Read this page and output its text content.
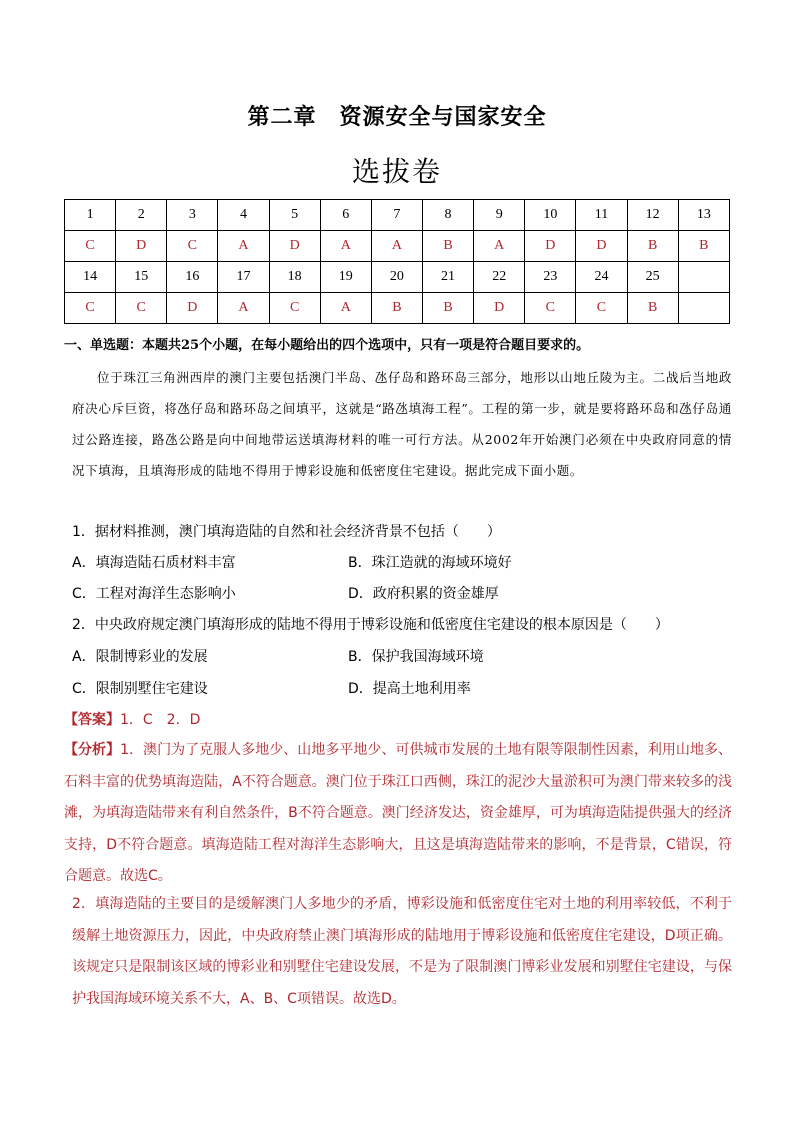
第二章　资源安全与国家安全
选拔卷
1	2	3	4	5	6	7	8	9	10	11	12	13
C	D	C	A	D	A	A	B	A	D	D	B	B
14	15	16	17	18	19	20	21	22	23	24	25	
C	C	D	A	C	A	B	B	D	C	C	B	
一、单选题：本题共25个小题，在每小题给出的四个选项中，只有一项是符合题目要求的。
位于珠江三角洲西岸的澳门主要包括澳门半岛、氹仔岛和路环岛三部分，地形以山地丘陵为主。二战后当地政府决心斥巨资，将氹仔岛和路环岛之间填平，这就是“路氹填海工程”。工程的第一步，就是要将路环岛和氹仔岛通过公路连接，路氹公路是向中间地带运送填海材料的唯一可行方法。从2002年开始澳门必须在中央政府同意的情况下填海，且填海形成的陆地不得用于博彩设施和低密度住宅建设。据此完成下面小题。
1．据材料推测，澳门填海造陆的自然和社会经济背景不包括（　　）
A．填海造陆石质材料丰富	B．珠江造就的海域环境好
C．工程对海洋生态影响小	D．政府积累的资金雄厚
2．中央政府规定澳门填海形成的陆地不得用于博彩设施和低密度住宅建设的根本原因是（　　）
A．限制博彩业的发展	B．保护我国海域环境
C．限制别墅住宅建设	D．提高土地利用率
【答案】1．C　2．D
【分析】1．澳门为了克服人多地少、山地多平地少、可供城市发展的土地有限等限制性因素，利用山地多、石料丰富的优势填海造陆，A不符合题意。澳门位于珠江口西侧，珠江的泥沙大量淤积可为澳门带来较多的浅滩，为填海造陆带来有利自然条件，B不符合题意。澳门经济发达，资金雄厚，可为填海造陆提供强大的经济支持，D不符合题意。填海造陆工程对海洋生态影响大，且这是填海造陆带来的影响，不是背景，C错误，符合题意。故选C。
2．填海造陆的主要目的是缓解澳门人多地少的矛盾，博彩设施和低密度住宅对土地的利用率较低，不利于缓解土地资源压力，因此，中央政府禁止澳门填海形成的陆地用于博彩设施和低密度住宅建设，D项正确。该规定只是限制该区域的博彩业和别墅住宅建设发展，不是为了限制澳门博彩业发展和别墅住宅建设，与保护我国海域环境关系不大，A、B、C项错误。故选D。
